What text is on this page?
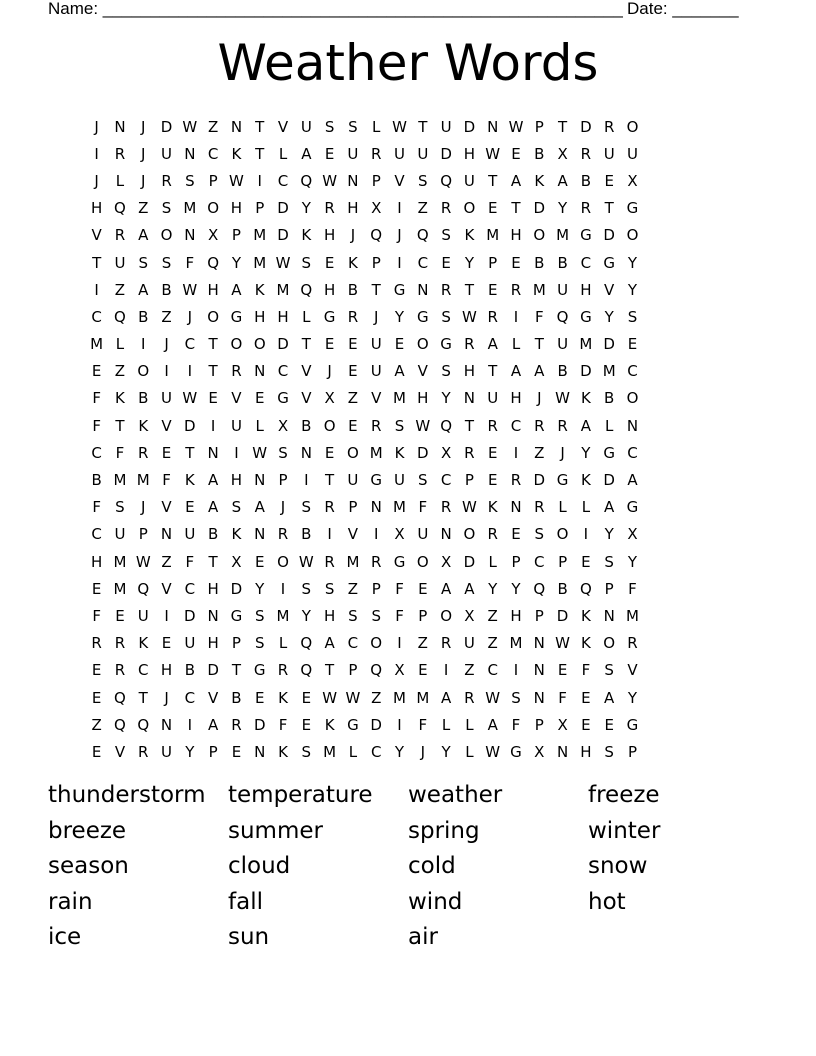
Name: _______________________________________________________ Date: _______
Weather Words
J	N	J	D W Z N T V U S S L W T U D N W P T D R O
I	R	J	U N C K T L A E U R U U D H W E B X R U U
J	L	J	R S P W I	C Q W N P V S Q U T A K A B E X
H Q Z S M O H P D Y R H X	I	Z R O E T D Y R T G
V R A O N X P M D K H	J	Q	J	Q S K M H O M G D O
T U S S F Q Y M W S E K P	I	C E Y P E B B C G Y
I	Z A B W H A K M Q H B T G N R T E R M U H V Y
C Q B Z	J	O G H H L G R	J	Y G S W R	I	F Q G Y S
M L	I	J	C T O O D T E E U E O G R A L T U M D E
E Z O	I	I	T R N C V	J	E U A V S H T A A B D M C
F K B U W E V E G V X Z V M H Y N U H	J W K B O
F T K V D	I	U L X B O E R S W Q T R C R R A L N
C F R E T N	I W S N E O M K D X R E	I	Z	J	Y G C
B M M F K A H N P	I	T U G U S C P E R D G K D A
F S	J	V E A S A	J	S R P N M F R W K N R L L A G
C U P N U B K N R B	I	V	I	X U N O R E S O	I	Y X
H M W Z F T X E O W R M R G O X D L P C P E S Y
E M Q V C H D Y	I	S S Z P F E A A Y Y Q B Q P F
F E U	I	D N G S M Y H S S F P O X Z H P D K N M
R R K E U H P S L Q A C O	I	Z R U Z M N W K O R
E R C H B D T G R Q T P Q X E	I	Z C	I	N E F S V
E Q T	J	C V B E K E W W Z M M A R W S N F E A Y
Z Q Q N	I	A R D F E K G D	I	F L L A F P X E E G
E V R U Y P E N K S M L C Y	J	Y L W G X N H S P
thunderstorm temperature	weather	freeze
breeze	summer	spring	winter
season	cloud	cold	snow
rain	fall	wind	hot
ice	sun	air
